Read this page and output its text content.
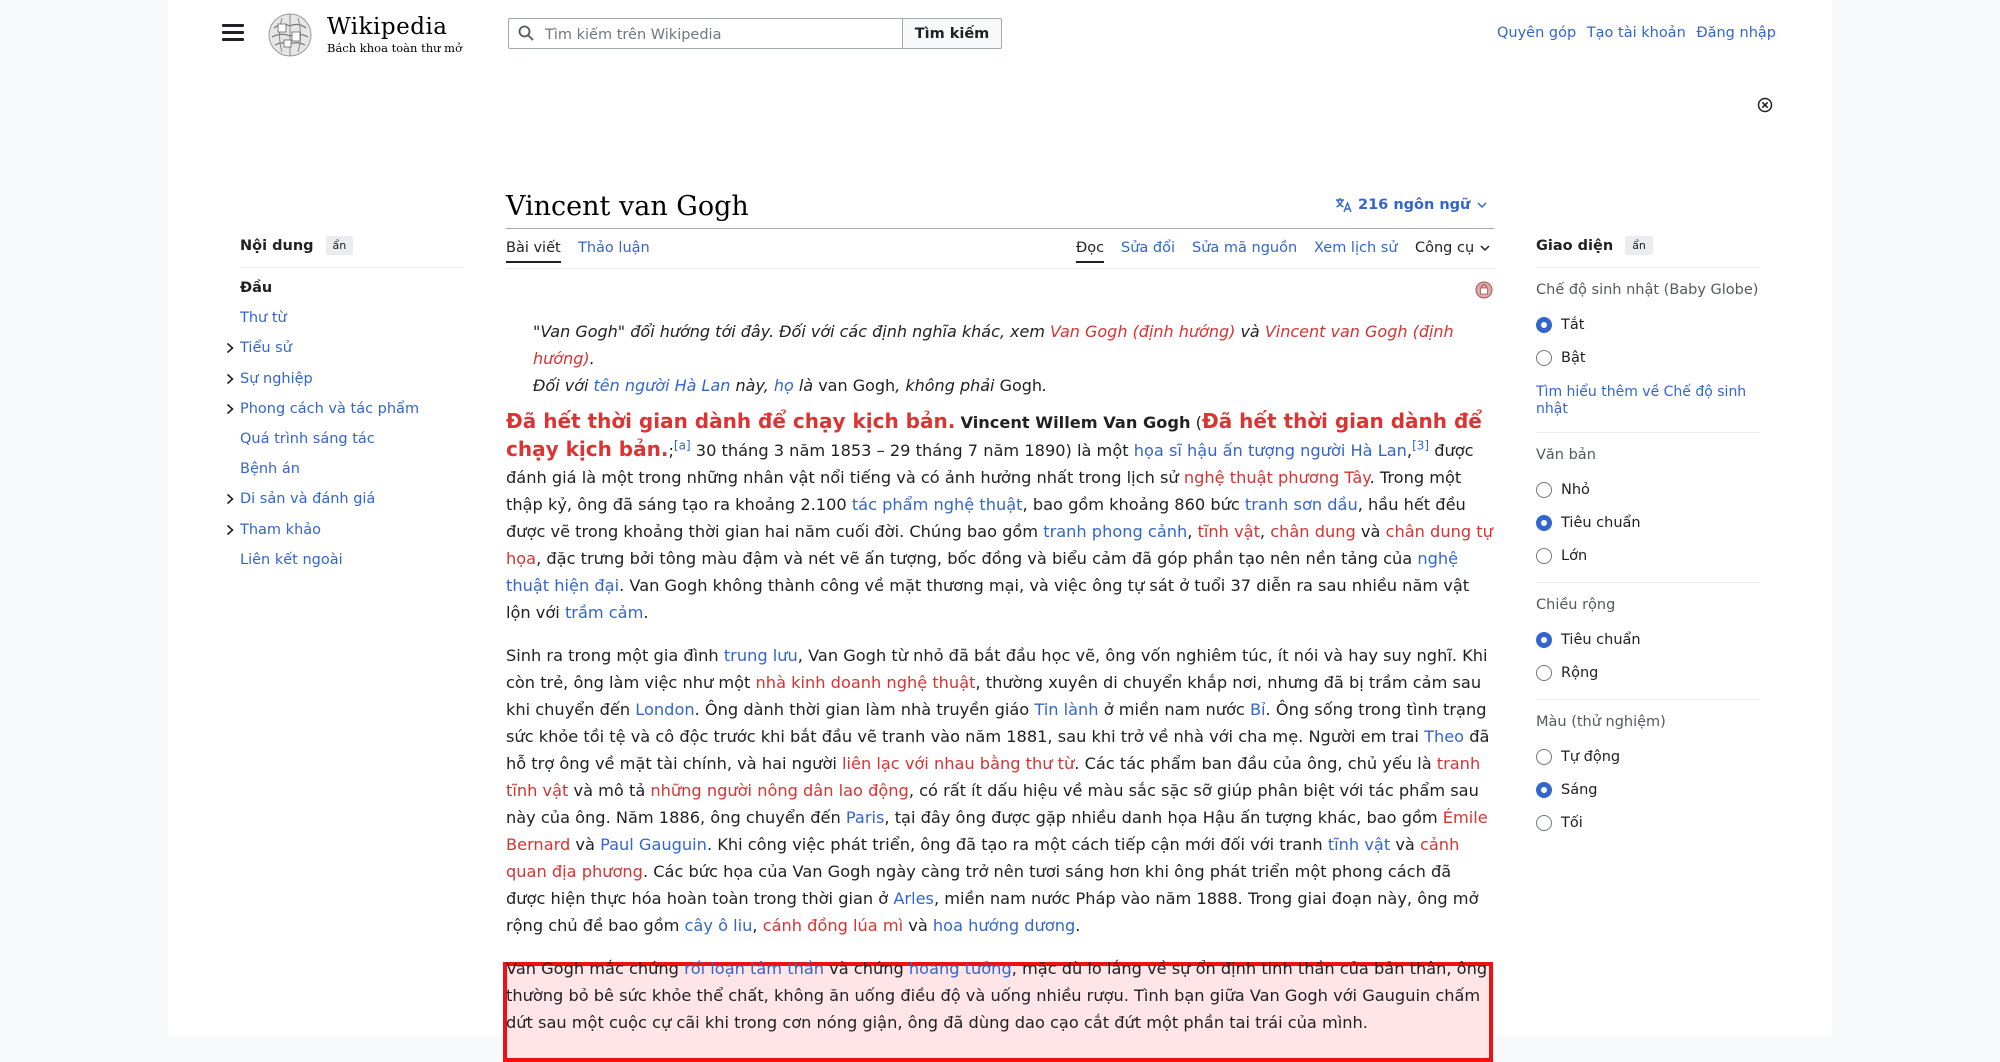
Wikipedia
Bách khoa toàn thư mở
Tìm kiếm trên Wikipedia
Tìm kiếm	Quyên góp Tạo tài khoản Đăng nhập
Nội dung	ẩn
Đầu
Thư từ
Tiểu sử
Sự nghiệp
Phong cách và tác phẩm
Quá trình sáng tác
Bệnh án
Di sản và đánh giá
Tham khảo
Liên kết ngoài
Vincent van Gogh	216 ngôn ngữ
Bài viết Thảo luận	Đọc Sửa đổi Sửa mã nguồn Xem lịch sử Công cụ
"Van Gogh" đổi hướng tới đây. Đối với các định nghĩa khác, xem Van Gogh (định hướng) và Vincent van Gogh (định hướng).
Đối với tên người Hà Lan này, họ là van Gogh, không phải Gogh.

Đã hết thời gian dành để chạy kịch bản. Vincent Willem Van Gogh (Đã hết thời gian dành để chạy kịch bản.;[a] 30 tháng 3 năm 1853 – 29 tháng 7 năm 1890) là một họa sĩ hậu ấn tượng người Hà Lan,[3] được đánh giá là một trong những nhân vật nổi tiếng và có ảnh hưởng nhất trong lịch sử nghệ thuật phương Tây. Trong một thập kỷ, ông đã sáng tạo ra khoảng 2.100 tác phẩm nghệ thuật, bao gồm khoảng 860 bức tranh sơn dầu, hầu hết đều được vẽ trong khoảng thời gian hai năm cuối đời. Chúng bao gồm tranh phong cảnh, tĩnh vật, chân dung và chân dung tự họa, đặc trưng bởi tông màu đậm và nét vẽ ấn tượng, bốc đồng và biểu cảm đã góp phần tạo nên nền tảng của nghệ thuật hiện đại. Van Gogh không thành công về mặt thương mại, và việc ông tự sát ở tuổi 37 diễn ra sau nhiều năm vật lộn với trầm cảm.

Sinh ra trong một gia đình trung lưu, Van Gogh từ nhỏ đã bắt đầu học vẽ, ông vốn nghiêm túc, ít nói và hay suy nghĩ. Khi còn trẻ, ông làm việc như một nhà kinh doanh nghệ thuật, thường xuyên di chuyển khắp nơi, nhưng đã bị trầm cảm sau khi chuyển đến London. Ông dành thời gian làm nhà truyền giáo Tin lành ở miền nam nước Bỉ. Ông sống trong tình trạng sức khỏe tồi tệ và cô độc trước khi bắt đầu vẽ tranh vào năm 1881, sau khi trở về nhà với cha mẹ. Người em trai Theo đã hỗ trợ ông về mặt tài chính, và hai người liên lạc với nhau bằng thư từ. Các tác phẩm ban đầu của ông, chủ yếu là tranh tĩnh vật và mô tả những người nông dân lao động, có rất ít dấu hiệu về màu sắc sặc sỡ giúp phân biệt với tác phẩm sau này của ông. Năm 1886, ông chuyển đến Paris, tại đây ông được gặp nhiều danh họa Hậu ấn tượng khác, bao gồm Émile Bernard và Paul Gauguin. Khi công việc phát triển, ông đã tạo ra một cách tiếp cận mới đối với tranh tĩnh vật và cảnh quan địa phương. Các bức họa của Van Gogh ngày càng trở nên tươi sáng hơn khi ông phát triển một phong cách đã được hiện thực hóa hoàn toàn trong thời gian ở Arles, miền nam nước Pháp vào năm 1888. Trong giai đoạn này, ông mở rộng chủ đề bao gồm cây ô liu, cánh đồng lúa mì và hoa hướng dương.

Van Gogh mắc chứng rối loạn tâm thần và chứng hoang tưởng, mặc dù lo lắng về sự ổn định tinh thần của bản thân, ông thường bỏ bê sức khỏe thể chất, không ăn uống điều độ và uống nhiều rượu. Tình bạn giữa Van Gogh với Gauguin chấm dứt sau một cuộc cự cãi khi trong cơn nóng giận, ông đã dùng dao cạo cắt đứt một phần tai trái của mình.

Giao diện	ẩn
Chế độ sinh nhật (Baby Globe)
Tắt
Bật
Tìm hiểu thêm về Chế độ sinh nhật
Văn bản
Nhỏ
Tiêu chuẩn
Lớn
Chiều rộng
Tiêu chuẩn
Rộng
Màu (thử nghiệm)
Tự động
Sáng
Tối
